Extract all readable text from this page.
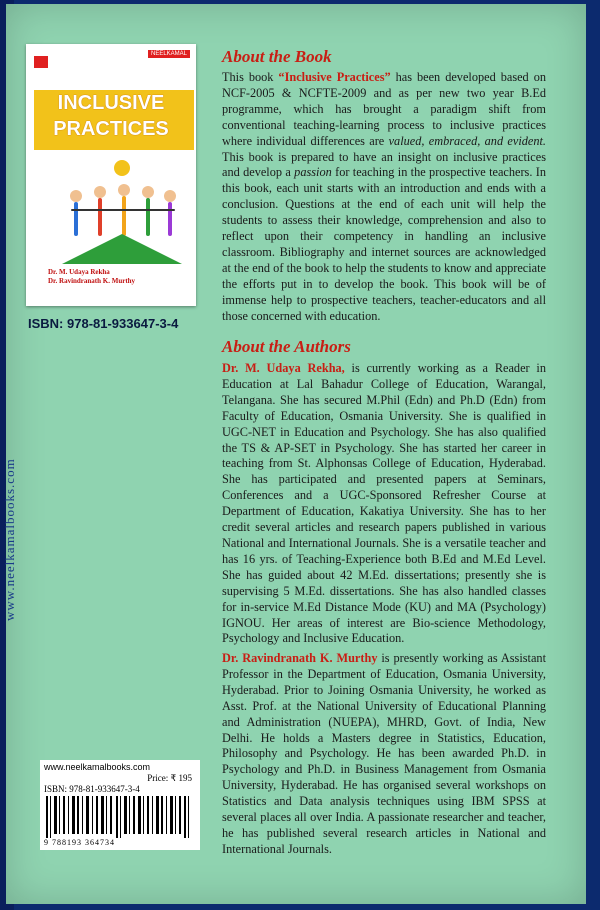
www.neelkamalbooks.com
NEELKAMAL
INCLUSIVE
PRACTICES
Dr. M. Udaya Rekha
Dr. Ravindranath K. Murthy
ISBN: 978-81-933647-3-4
www.neelkamalbooks.com
Price: ₹ 195
ISBN: 978-81-933647-3-4
9 788193 364734
About the Book
This book “Inclusive Practices” has been developed based on NCF-2005 & NCFTE-2009 and as per new two year B.Ed programme, which has brought a paradigm shift from conventional teaching-learning process to inclusive practices where individual differences are valued, embraced, and evident. This book is prepared to have an insight on inclusive practices and develop a passion for teaching in the prospective teachers. In this book, each unit starts with an introduction and ends with a conclusion. Questions at the end of each unit will help the students to assess their knowledge, comprehension and also to reflect upon their competency in handling an inclusive classroom. Bibliography and internet sources are acknowledged at the end of the book to help the students to know and appreciate the efforts put in to develop the book. This book will be of immense help to prospective teachers, teacher-educators and all those concerned with education.
About the Authors
Dr. M. Udaya Rekha, is currently working as a Reader in Education at Lal Bahadur College of Education, Warangal, Telangana. She has secured M.Phil (Edn) and Ph.D (Edn) from Faculty of Education, Osmania University. She is qualified in UGC-NET in Education and Psychology. She has also qualified the TS & AP-SET in Psychology. She has started her career in teaching from St. Alphonsas College of Education, Hyderabad. She has participated and presented papers at Seminars, Conferences and a UGC-Sponsored Refresher Course at Department of Education, Kakatiya University. She has to her credit several articles and research papers published in various National and International Journals. She is a versatile teacher and has 16 yrs. of Teaching-Experience both B.Ed and M.Ed Level. She has guided about 42 M.Ed. dissertations; presently she is supervising 5 M.Ed. dissertations. She has also handled classes for in-service M.Ed Distance Mode (KU) and MA (Psychology) IGNOU. Her areas of interest are Bio-science Methodology, Psychology and Inclusive Education.
Dr. Ravindranath K. Murthy is presently working as Assistant Professor in the Department of Education, Osmania University, Hyderabad. Prior to Joining Osmania University, he worked as Asst. Prof. at the National University of Educational Planning and Administration (NUEPA), MHRD, Govt. of India, New Delhi. He holds a Masters degree in Statistics, Education, Philosophy and Psychology. He has been awarded Ph.D. in Psychology and Ph.D. in Business Management from Osmania University, Hyderabad. He has organised several workshops on Statistics and Data analysis techniques using IBM SPSS at several places all over India. A passionate researcher and teacher, he has published several research articles in National and International Journals.
